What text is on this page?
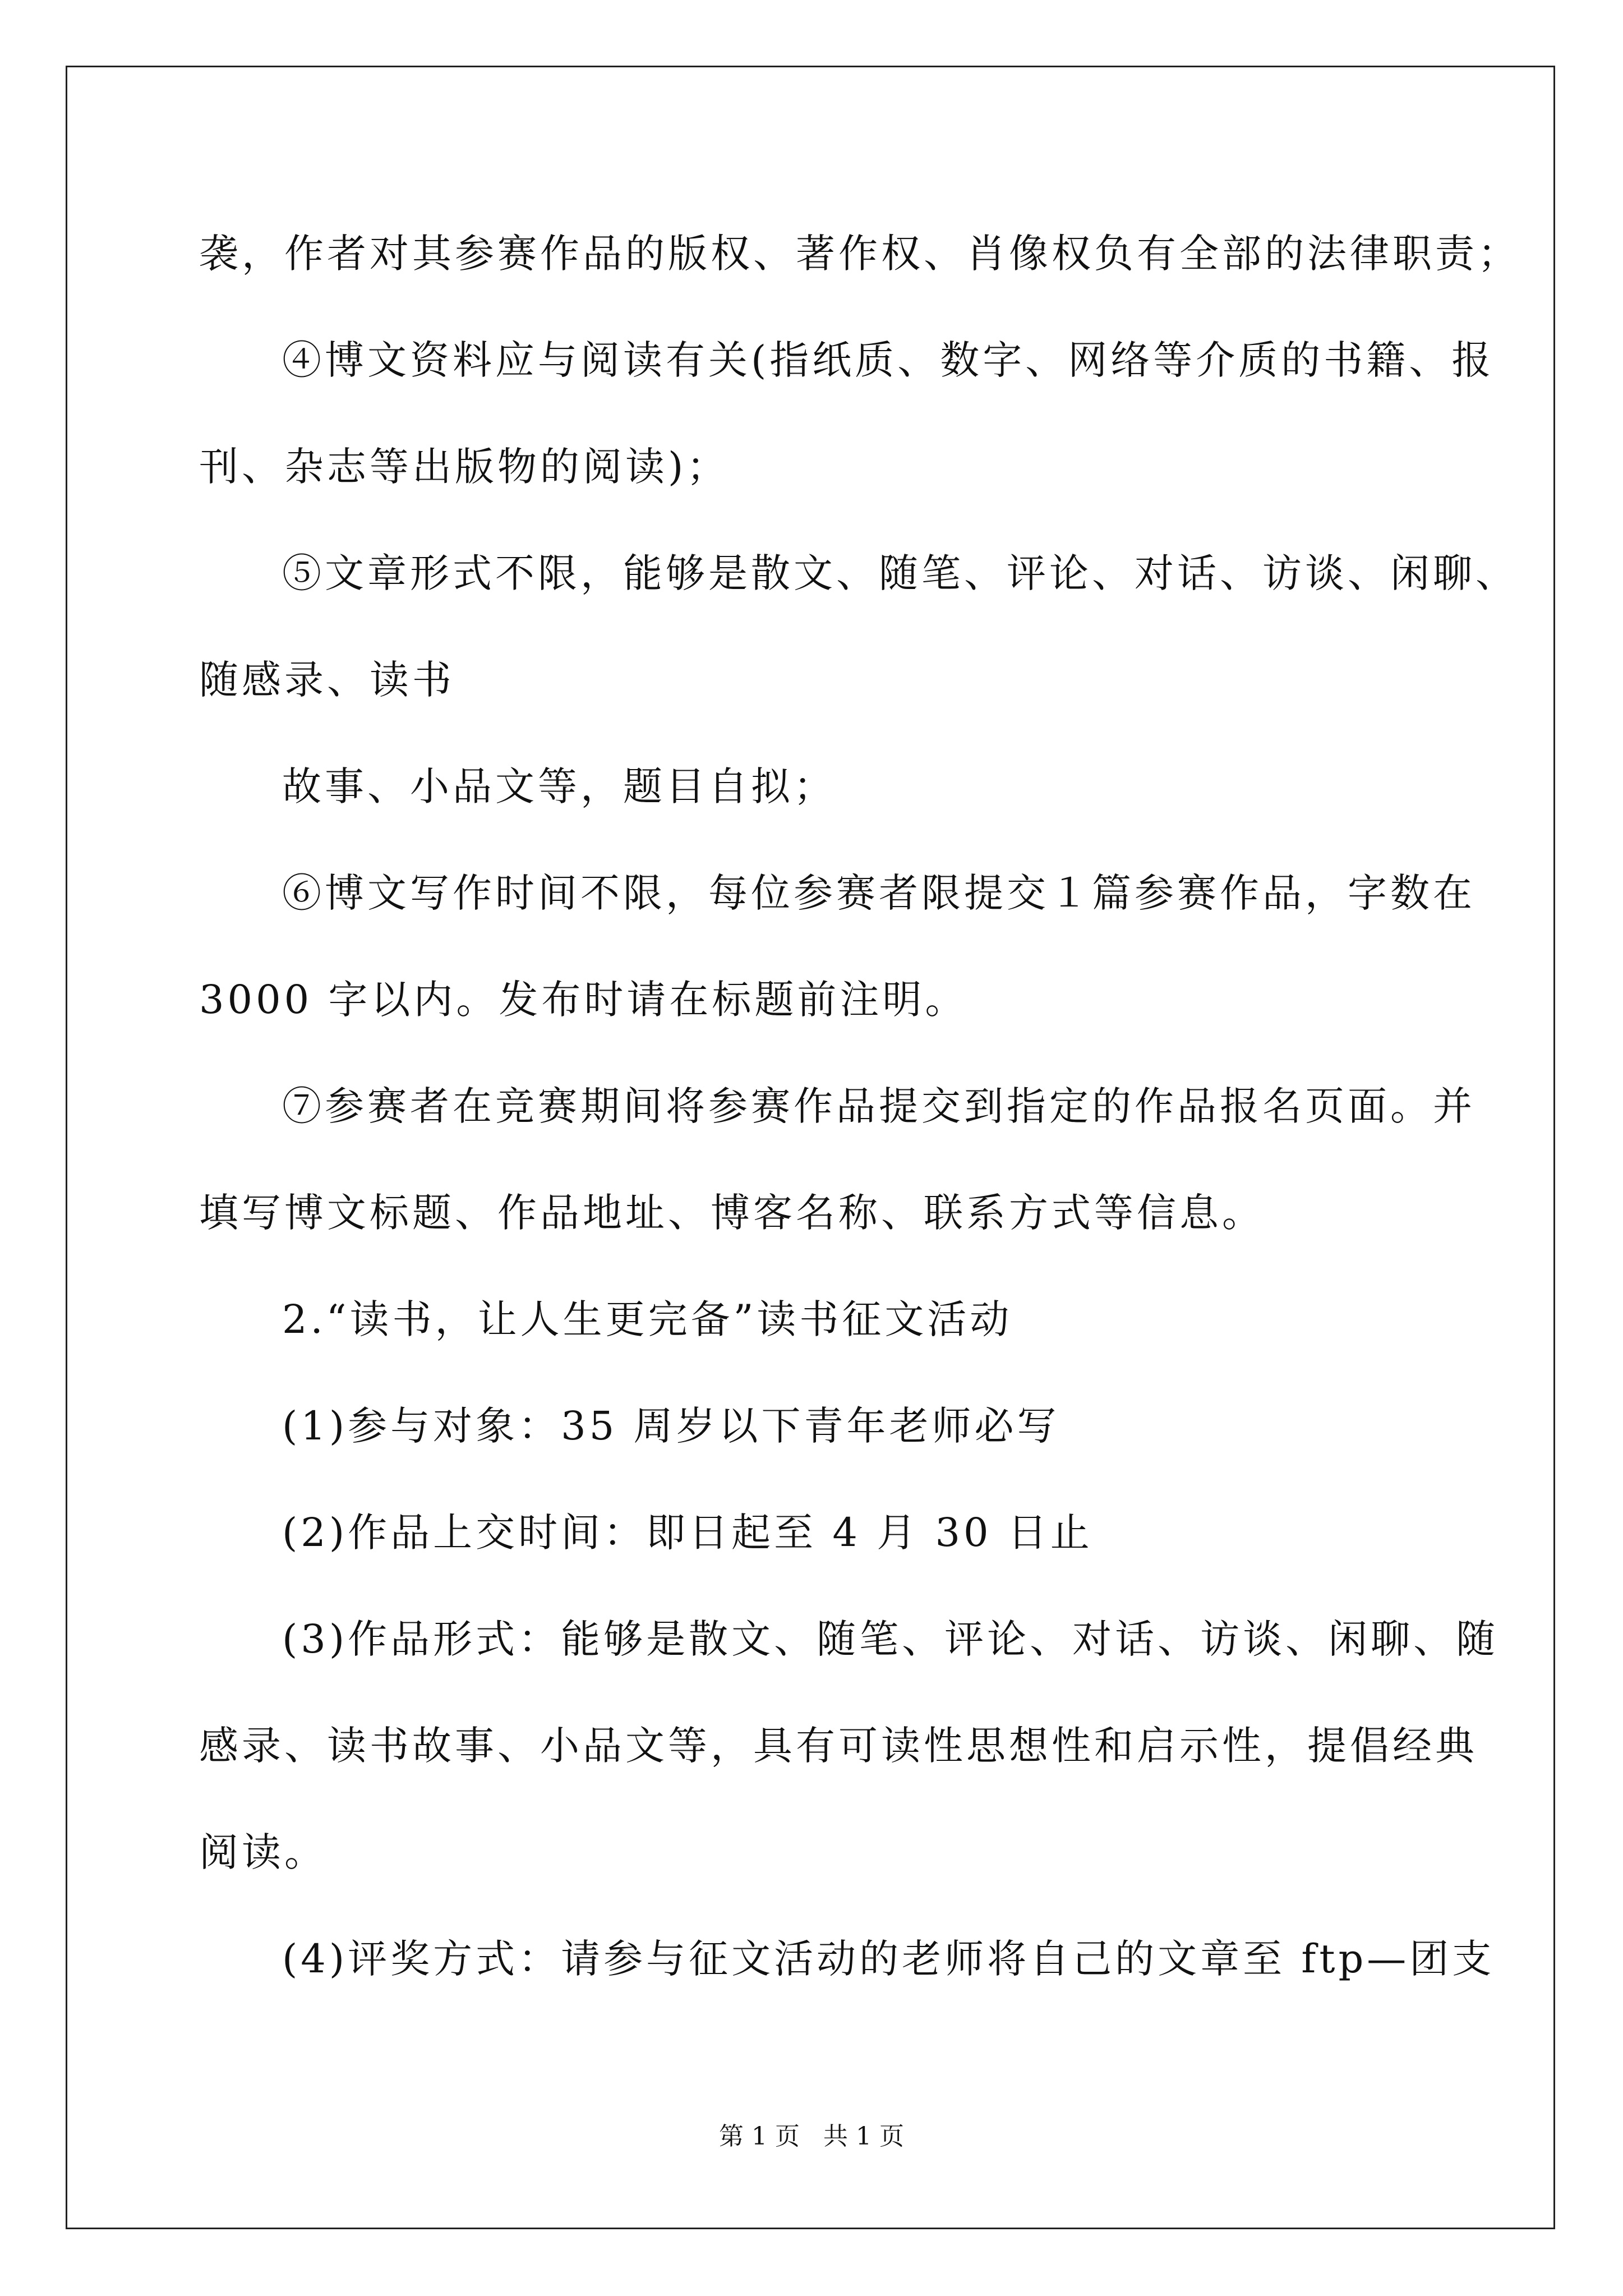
袭，作者对其参赛作品的版权、著作权、肖像权负有全部的法律职责；
④博文资料应与阅读有关(指纸质、数字、网络等介质的书籍、报
刊、杂志等出版物的阅读)；
⑤文章形式不限，能够是散文、随笔、评论、对话、访谈、闲聊、
随感录、读书
故事、小品文等，题目自拟；
⑥博文写作时间不限，每位参赛者限提交１篇参赛作品，字数在
3000 字以内。发布时请在标题前注明。
⑦参赛者在竞赛期间将参赛作品提交到指定的作品报名页面。并
填写博文标题、作品地址、博客名称、联系方式等信息。
2.“读书，让人生更完备”读书征文活动
(1)参与对象：35 周岁以下青年老师必写
(2)作品上交时间：即日起至 4 月 30 日止
(3)作品形式：能够是散文、随笔、评论、对话、访谈、闲聊、随
感录、读书故事、小品文等，具有可读性思想性和启示性，提倡经典
阅读。
(4)评奖方式：请参与征文活动的老师将自己的文章至 ftp—团支
第 1 页   共 1 页
